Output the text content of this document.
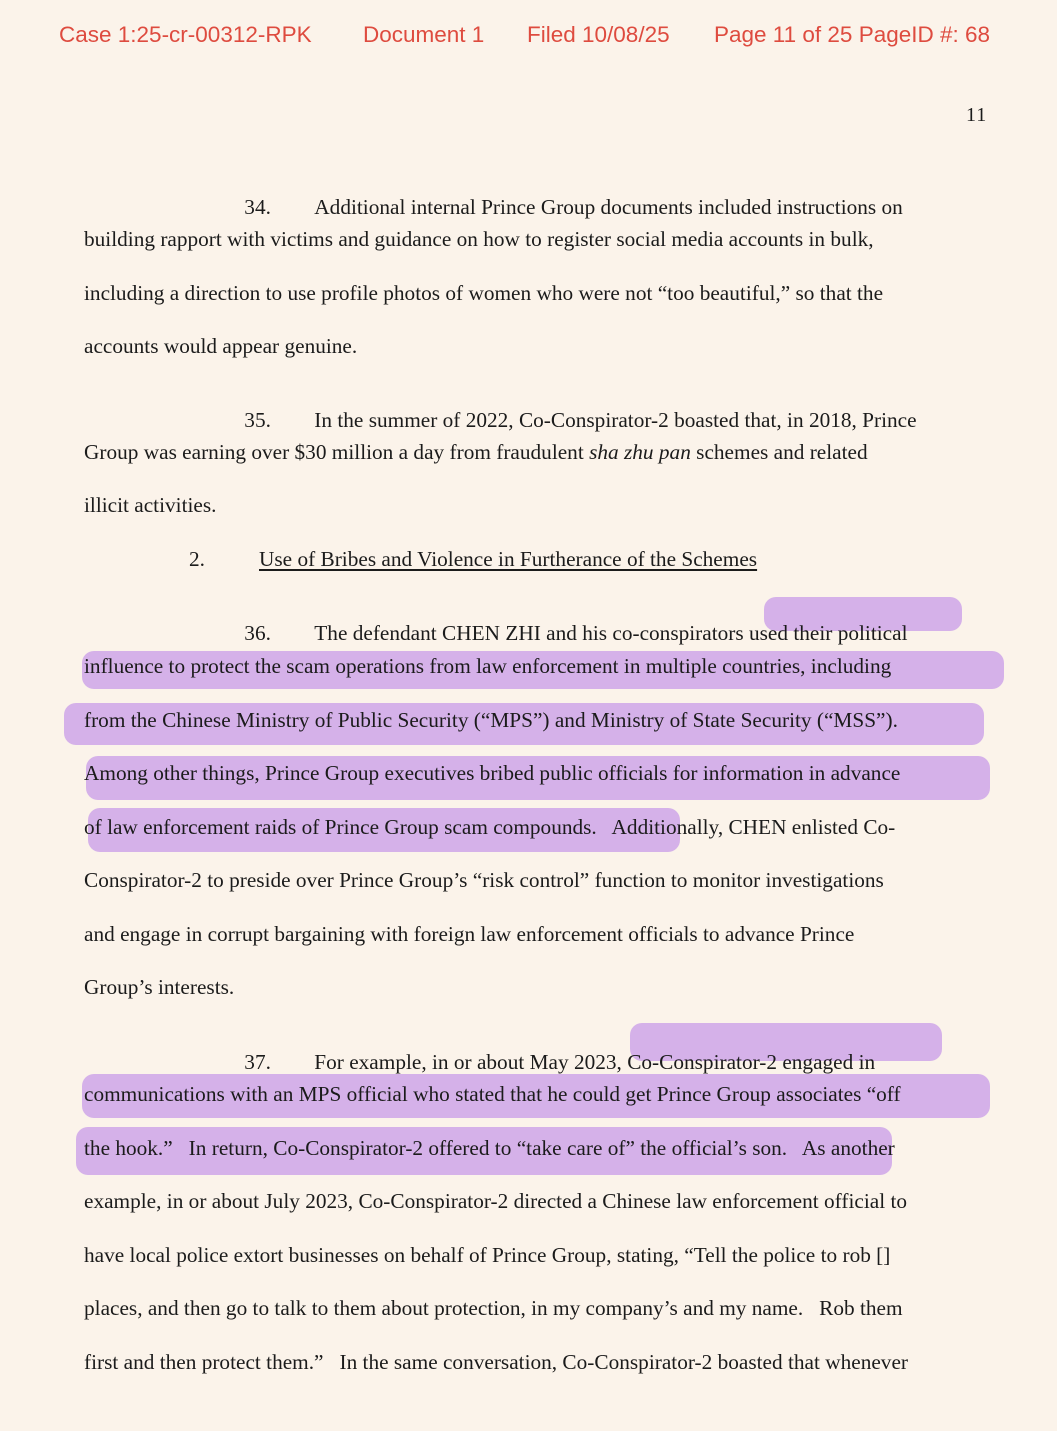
Case 1:25-cr-00312-RPK Document 1 Filed 10/08/25 Page 11 of 25 PageID #: 68
11

34. Additional internal Prince Group documents included instructions on

building rapport with victims and guidance on how to register social media accounts in bulk,
including a direction to use profile photos of women who were not “too beautiful,” so that the
accounts would appear genuine.

35. In the summer of 2022, Co-Conspirator-2 boasted that, in 2018, Prince

Group was earning over $30 million a day from fraudulent sha zhu pan schemes and related
illicit activities.
2.	Use of Bribes and Violence in Furtherance of the Schemes

36. The defendant CHEN ZHI and his co-conspirators used their political

influence to protect the scam operations from law enforcement in multiple countries, including
from the Chinese Ministry of Public Security (“MPS”) and Ministry of State Security (“MSS”).
Among other things, Prince Group executives bribed public officials for information in advance
of law enforcement raids of Prince Group scam compounds.   Additionally, CHEN enlisted Co-
Conspirator-2 to preside over Prince Group’s “risk control” function to monitor investigations
and engage in corrupt bargaining with foreign law enforcement officials to advance Prince
Group’s interests.

37. For example, in or about May 2023, Co-Conspirator-2 engaged in

communications with an MPS official who stated that he could get Prince Group associates “off
the hook.”   In return, Co-Conspirator-2 offered to “take care of” the official’s son.   As another
example, in or about July 2023, Co-Conspirator-2 directed a Chinese law enforcement official to
have local police extort businesses on behalf of Prince Group, stating, “Tell the police to rob []
places, and then go to talk to them about protection, in my company’s and my name.   Rob them
first and then protect them.”   In the same conversation, Co-Conspirator-2 boasted that whenever
